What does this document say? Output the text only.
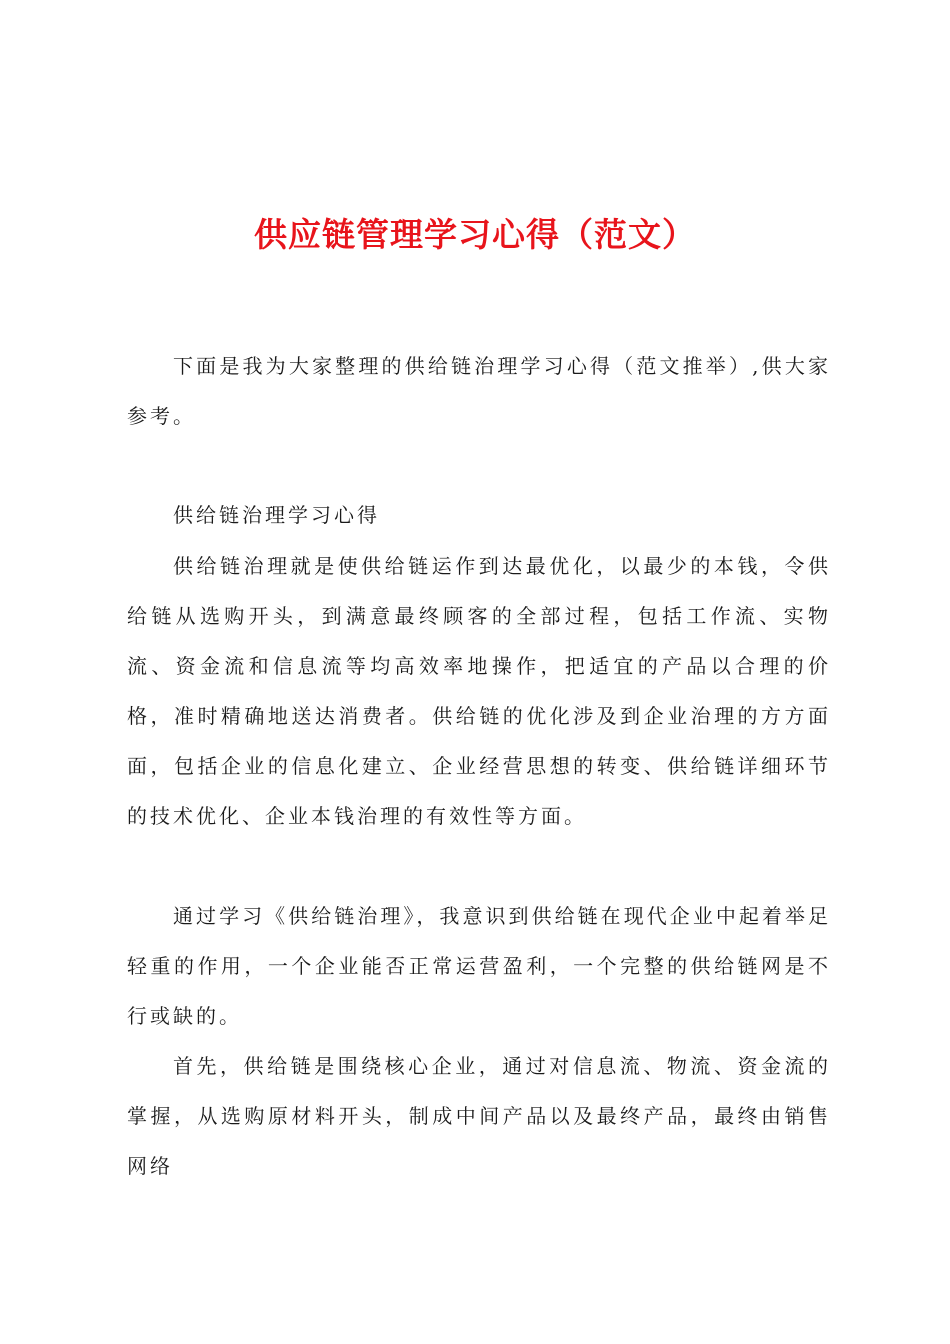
供应链管理学习心得（范文）

下面是我为大家整理的供给链治理学习心得（范文推举）,供大家参考。

供给链治理学习心得

供给链治理就是使供给链运作到达最优化，以最少的本钱，令供给链从选购开头，到满意最终顾客的全部过程，包括工作流、实物流、资金流和信息流等均高效率地操作，把适宜的产品以合理的价格，准时精确地送达消费者。供给链的优化涉及到企业治理的方方面面，包括企业的信息化建立、企业经营思想的转变、供给链详细环节的技术优化、企业本钱治理的有效性等方面。

通过学习《供给链治理》，我意识到供给链在现代企业中起着举足轻重的作用，一个企业能否正常运营盈利，一个完整的供给链网是不行或缺的。

首先，供给链是围绕核心企业，通过对信息流、物流、资金流的掌握，从选购原材料开头，制成中间产品以及最终产品，最终由销售网络
